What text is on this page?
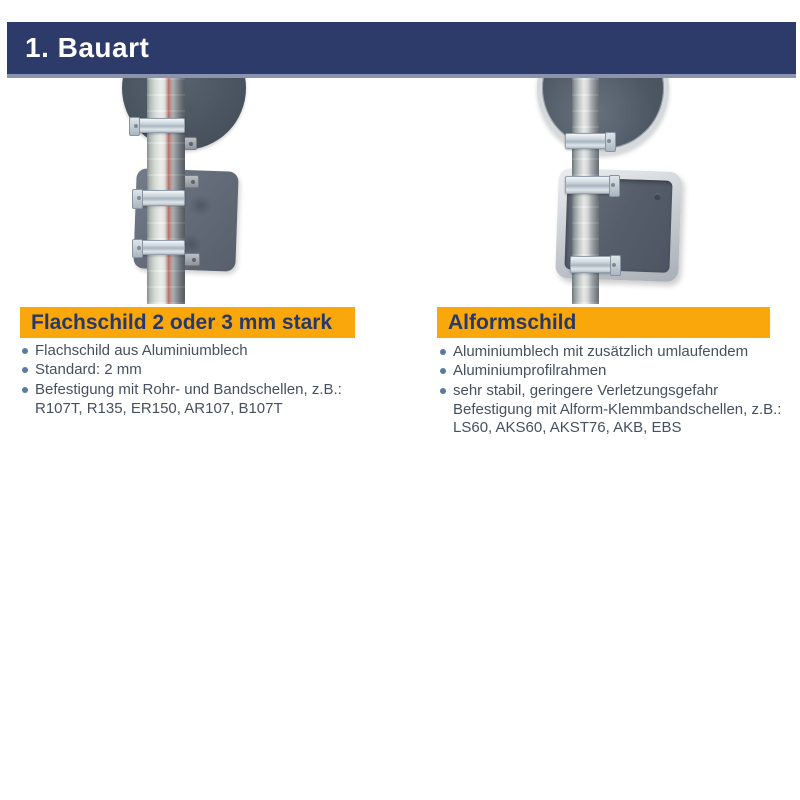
1. Bauart
Flachschild 2 oder 3 mm stark
Flachschild aus Aluminiumblech
Standard: 2 mm
Befestigung mit Rohr- und Bandschellen, z.B.:
R107T, R135, ER150, AR107, B107T
Alformschild
Aluminiumblech mit zusätzlich umlaufendem
Aluminiumprofilrahmen
sehr stabil, geringere Verletzungsgefahr
Befestigung mit Alform-Klemmbandschellen, z.B.:
LS60, AKS60, AKST76, AKB, EBS
